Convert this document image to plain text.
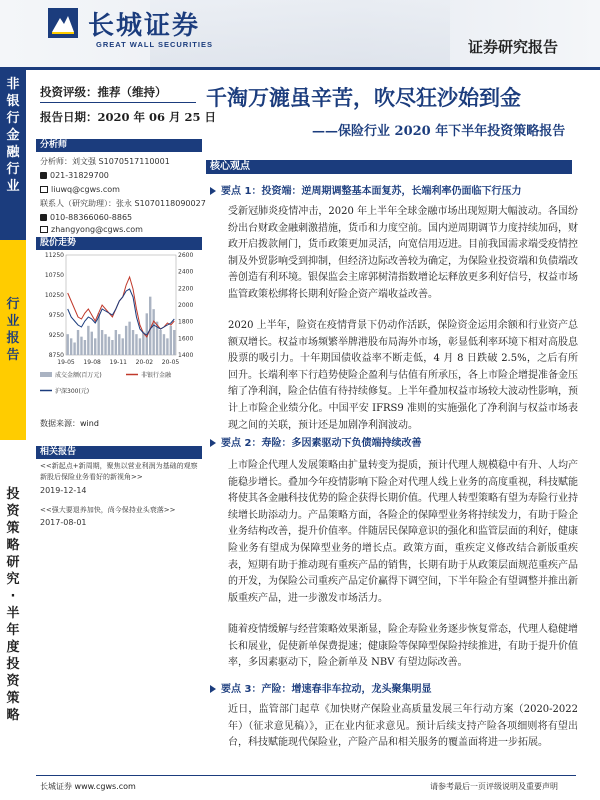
长城证券
GREAT WALL SECURITIES	证券研究报告
非银行金融行业
行业报告
投资策略研究·半年度投资策略
投资评级：推荐（维持）
报告日期：2020 年 06 月 25 日
分析师
分析师：刘文强 S1070517110001
021-31829700
liuwq@cgws.com
联系人（研究助理）：张永 S1070118090027
010-88366060-8865
zhangyong@cgws.com
股价走势
11250
10750
10250
9750
9250
8750
2600
2400
2200
2000
1800
1600
1400
19-05 19-08 19-11 20-02 20-05
成交金额(百万元)	非银行金融
沪深300(元)
数据来源：wind
相关报告
<<新起点+新周期，聚焦以营业利润为基础的观察新股后保险业务看好的新视角>>
2019-12-14
<<强大要退养加快，尚今保持业头衰落>>
2017-08-01
千淘万漉虽辛苦，吹尽狂沙始到金
——保险行业 2020 年下半年投资策略报告
核心观点
要点 1：投资端：逆周期调整基本面复苏，长端利率仍面临下行压力
受新冠肺炎疫情冲击，2020 年上半年全球金融市场出现短期大幅波动。各国纷纷出台财政金融刺激措施，货币和力度空前。国内逆周期调节力度持续加码，财政开启拨款闸门，货币政策更加灵活，向宽信用迈进。目前我国需求端受疫情控制及外贸影响受到抑制，但经济边际改善较为确定，为保险业投资端和负债端改善创造有利环境。银保监会主席郭树清指数增论坛释放更多利好信号，权益市场监管政策松绑将长期利好险企资产端收益改善。
2020 上半年，险资在疫情背景下仍动作活跃，保险资金运用余额和行业资产总额双增长。权益市场频繁举牌港股布局海外市场，彰显低利率环境下相对高股息股票的吸引力。十年期国债收益率不断走低，4 月 8 日跌破 2.5%，之后有所回升。长端利率下行趋势使险企盈利与估值有所承压，各上市险企增提准备金压缩了净利润，险企估值有待持续修复。上半年叠加权益市场较大波动性影响，预计上市险企业绩分化。中国平安 IFRS9 准则的实施强化了净利润与权益市场表现之间的关联，预计还是加剧净利润波动。
要点 2：寿险：多因素驱动下负债端持续改善
上市险企代理人发展策略由扩量转变为提质，预计代理人规模稳中有升、人均产能稳步增长。叠加今年疫情影响下险企对代理人线上业务的高度重视，科技赋能将使其各金融科技优势的险企获得长期价值。代理人转型策略有望为寿险行业持续增长助添动力。产品策略方面，各险企的保障型业务将持续发力，有助于险企业务结构改善，提升价值率。伴随居民保障意识的强化和监管层面的利好，健康险业务有望成为保障型业务的增长点。政策方面，重疾定义修改结合新版重疾表，短期有助于推动现有重疾产品的销售，长期有助于从政策层面规范重疾产品的开发，为保险公司重疾产品定价赢得下调空间，下半年险企有望调整并推出新版重疾产品，进一步激发市场活力。
随着疫情缓解与经营策略效果渐显，险企寿险业务逐步恢复常态，代理人稳健增长和展业，促使新单保费提速；健康险等保障型保险持续推进，有助于提升价值率，多因素驱动下，险企新单及 NBV 有望边际改善。
要点 3：产险：增速春非车拉动，龙头聚集明显
近日，监管部门起草《加快财产保险业高质量发展三年行动方案（2020-2022 年）（征求意见稿）》，正在业内征求意见。预计后续支持产险各项细则将有望出台，科技赋能现代保险业，产险产品和相关服务的覆盖面将进一步拓展。
长城证券 www.cgws.com	请参考最后一页评级说明及重要声明
